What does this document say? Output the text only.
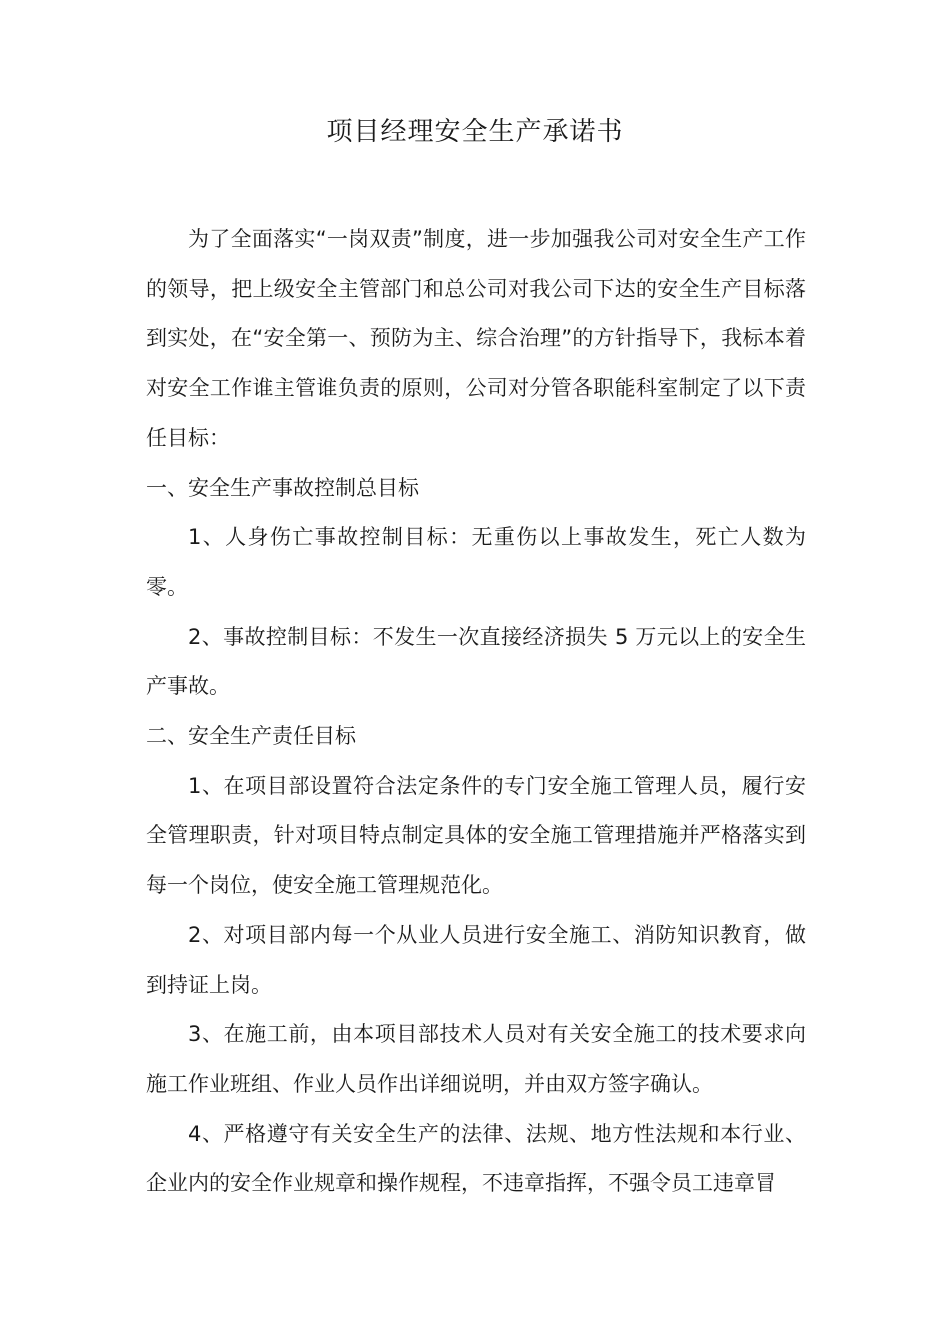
项目经理安全生产承诺书

为了全面落实“一岗双责”制度，进一步加强我公司对安全生产工作的领导，把上级安全主管部门和总公司对我公司下达的安全生产目标落到实处，在“安全第一、预防为主、综合治理”的方针指导下，我标本着对安全工作谁主管谁负责的原则，公司对分管各职能科室制定了以下责任目标：

一、安全生产事故控制总目标

1、人身伤亡事故控制目标：无重伤以上事故发生，死亡人数为零。

2、事故控制目标：不发生一次直接经济损失 5 万元以上的安全生产事故。

二、安全生产责任目标

1、在项目部设置符合法定条件的专门安全施工管理人员，履行安全管理职责，针对项目特点制定具体的安全施工管理措施并严格落实到每一个岗位，使安全施工管理规范化。

2、对项目部内每一个从业人员进行安全施工、消防知识教育，做到持证上岗。

3、在施工前，由本项目部技术人员对有关安全施工的技术要求向施工作业班组、作业人员作出详细说明，并由双方签字确认。

4、严格遵守有关安全生产的法律、法规、地方性法规和本行业、企业内的安全作业规章和操作规程，不违章指挥，不强令员工违章冒
